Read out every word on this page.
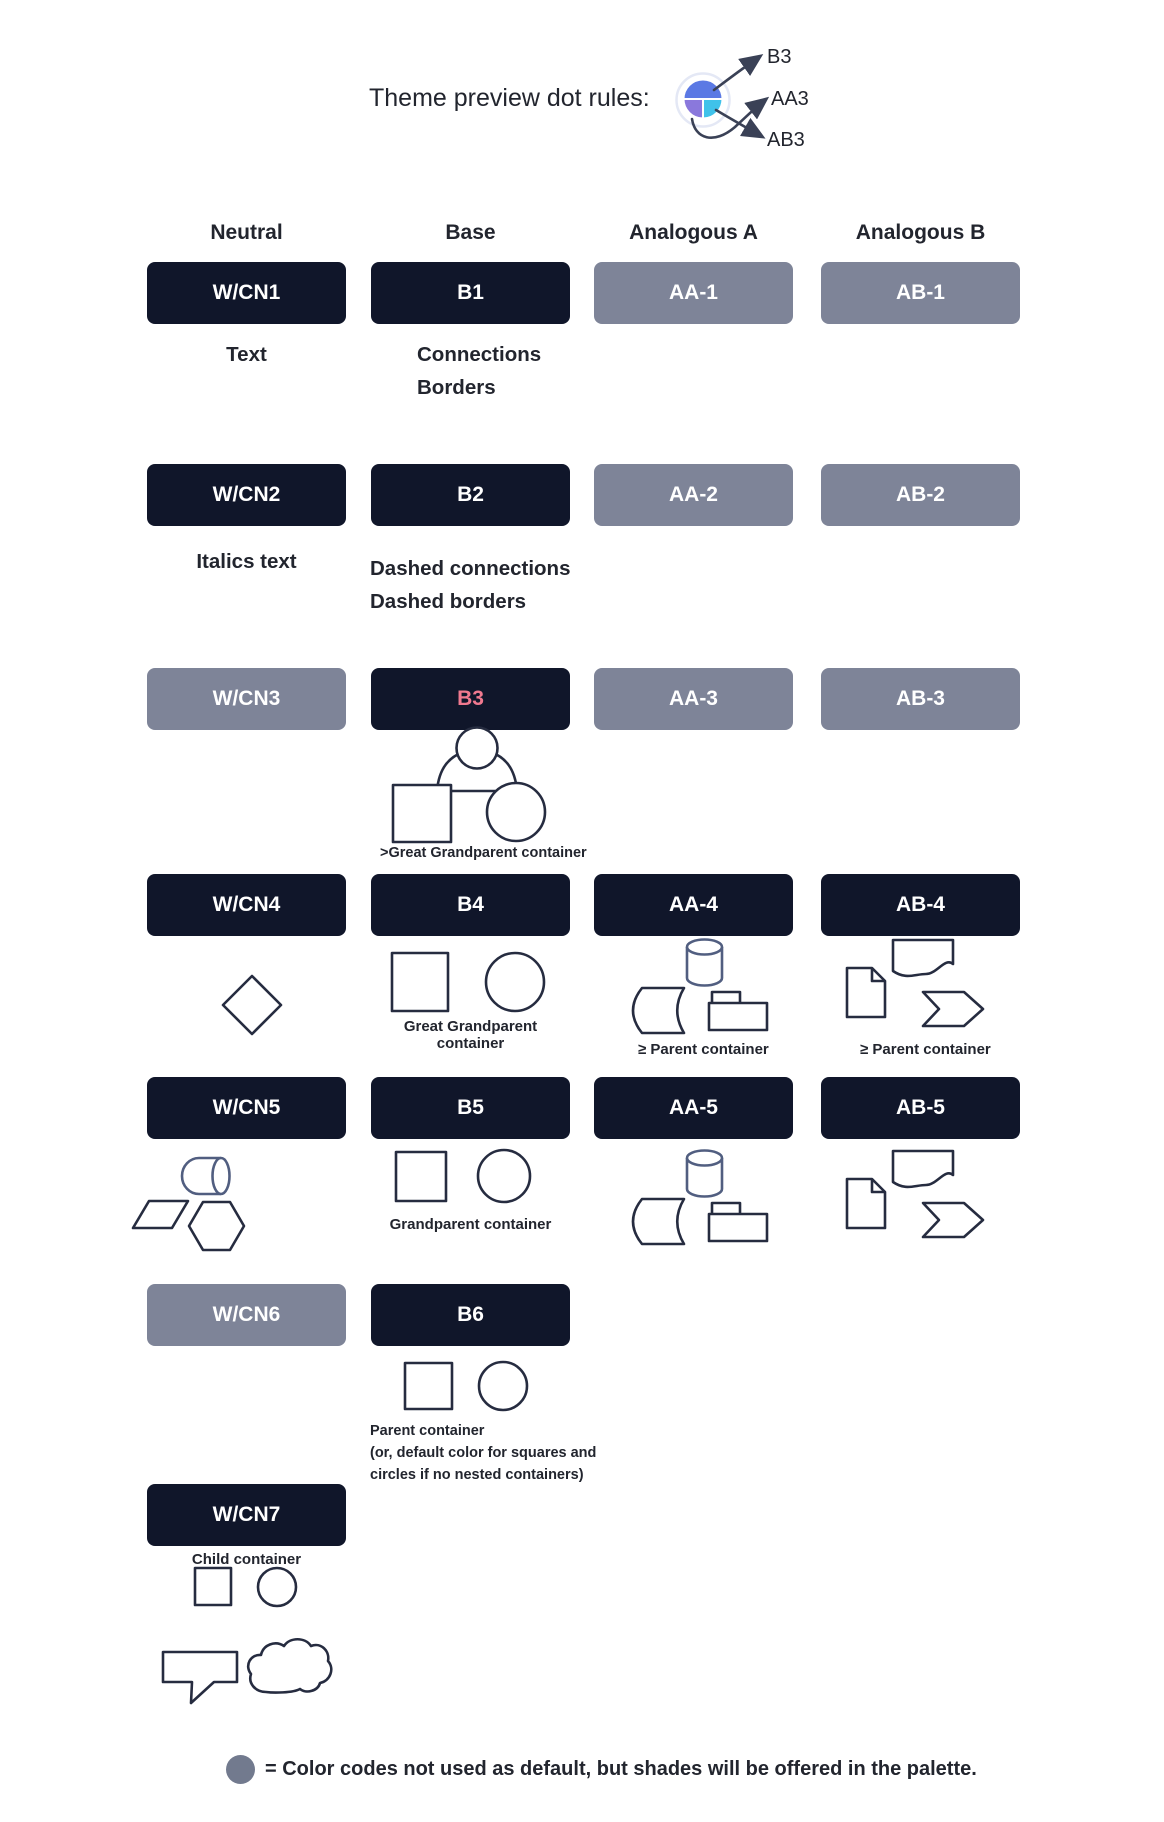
Theme preview dot rules:
B3
AA3
AB3
Neutral	Base	Analogous A	Analogous B
W/CN1	B1	AA-1	AB-1
W/CN2	B2	AA-2	AB-2
W/CN3	B3	AA-3	AB-3
W/CN4	B4	AA-4	AB-4
W/CN5	B5	AA-5	AB-5
W/CN6	B6
W/CN7
Text	Connections
Borders
Italics text	Dashed connections
Dashed borders
>Great Grandparent container
Great Grandparent container	≥ Parent container	≥ Parent container
Grandparent container
Parent container
(or, default color for squares and
circles if no nested containers)
Child container
= Color codes not used as default, but shades will be offered in the palette.
